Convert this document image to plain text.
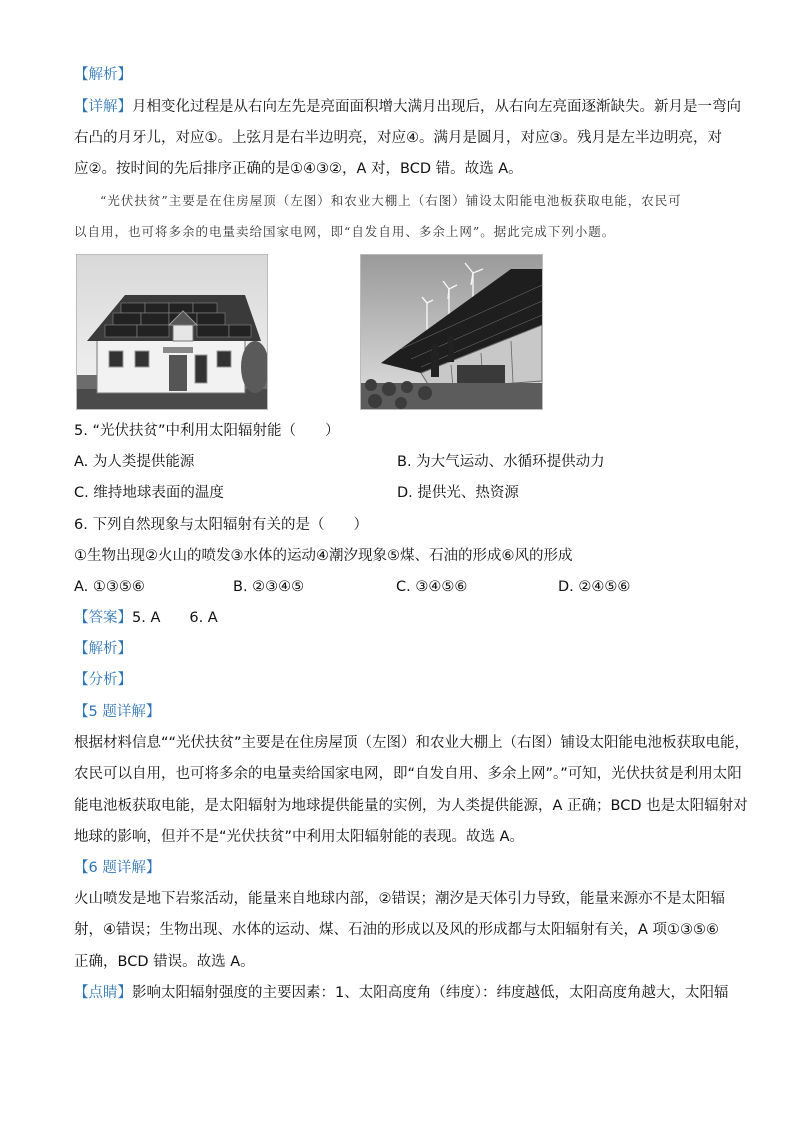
【解析】
【详解】月相变化过程是从右向左先是亮面面积增大满月出现后，从右向左亮面逐渐缺失。新月是一弯向
右凸的月牙儿，对应①。上弦月是右半边明亮，对应④。满月是圆月，对应③。残月是左半边明亮，对
应②。按时间的先后排序正确的是①④③②，A 对，BCD 错。故选 A。
“光伏扶贫”主要是在住房屋顶（左图）和农业大棚上（右图）铺设太阳能电池板获取电能，农民可
以自用，也可将多余的电量卖给国家电网，即“自发自用、多余上网”。据此完成下列小题。
5. “光伏扶贫”中利用太阳辐射能（　　）
A. 为人类提供能源	B. 为大气运动、水循环提供动力
C. 维持地球表面的温度	D. 提供光、热资源
6. 下列自然现象与太阳辐射有关的是（　　）
①生物出现②火山的喷发③水体的运动④潮汐现象⑤煤、石油的形成⑥风的形成
A. ①③⑤⑥	B. ②③④⑤	C. ③④⑤⑥	D. ②④⑤⑥
【答案】5. A　　6. A
【解析】
【分析】
【5 题详解】
根据材料信息““光伏扶贫”主要是在住房屋顶（左图）和农业大棚上（右图）铺设太阳能电池板获取电能，
农民可以自用，也可将多余的电量卖给国家电网，即“自发自用、多余上网”。”可知，光伏扶贫是利用太阳
能电池板获取电能，是太阳辐射为地球提供能量的实例，为人类提供能源，A 正确；BCD 也是太阳辐射对
地球的影响，但并不是“光伏扶贫”中利用太阳辐射能的表现。故选 A。
【6 题详解】
火山喷发是地下岩浆活动，能量来自地球内部，②错误；潮汐是天体引力导致，能量来源亦不是太阳辐
射，④错误；生物出现、水体的运动、煤、石油的形成以及风的形成都与太阳辐射有关，A 项①③⑤⑥
正确，BCD 错误。故选 A。
【点睛】影响太阳辐射强度的主要因素：1、太阳高度角（纬度）：纬度越低，太阳高度角越大，太阳辐
